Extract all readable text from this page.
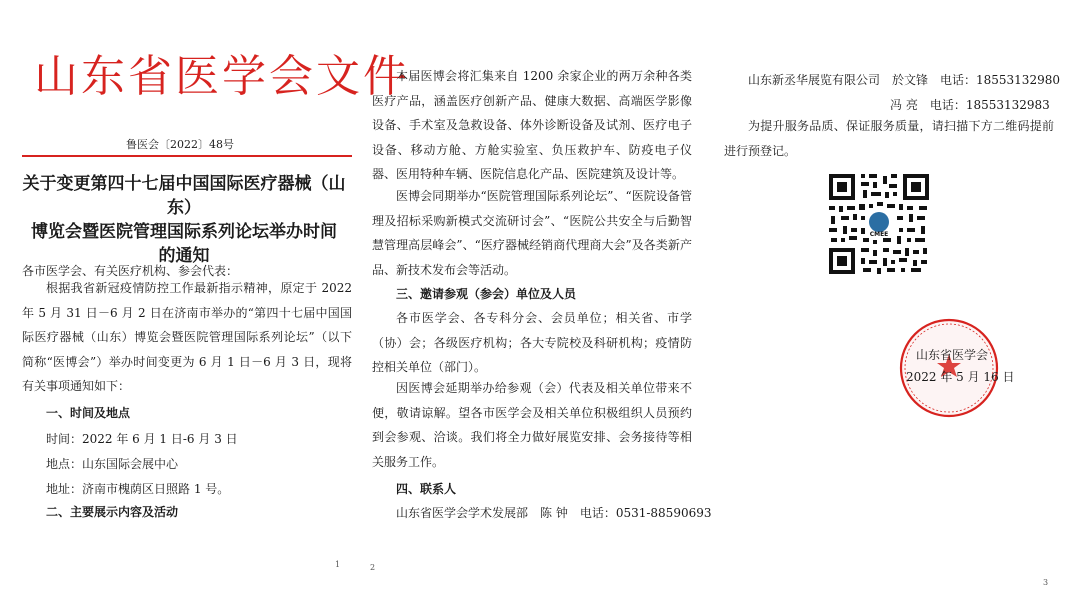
山东省医学会文件
鲁医会〔2022〕48号
关于变更第四十七届中国国际医疗器械（山东）
博览会暨医院管理国际系列论坛举办时间
的通知
各市医学会、有关医疗机构、参会代表：
根据我省新冠疫情防控工作最新指示精神，原定于 2022 年 5 月 31 日－6 月 2 日在济南市举办的“第四十七届中国国际医疗器械（山东）博览会暨医院管理国际系列论坛”（以下简称“医博会”）举办时间变更为 6 月 1 日－6 月 3 日，现将有关事项通知如下：
一、时间及地点
时间：2022 年 6 月 1 日-6 月 3 日
地点：山东国际会展中心
地址：济南市槐荫区日照路 1 号。
二、主要展示内容及活动
1
本届医博会将汇集来自 1200 余家企业的两万余种各类医疗产品，涵盖医疗创新产品、健康大数据、高端医学影像设备、手术室及急救设备、体外诊断设备及试剂、医疗电子设备、移动方舱、方舱实验室、负压救护车、防疫电子仪器、医用特种车辆、医院信息化产品、医院建筑及设计等。
医博会同期举办“医院管理国际系列论坛”、“医院设备管理及招标采购新模式交流研讨会”、“医院公共安全与后勤智慧管理高层峰会”、“医疗器械经销商代理商大会”及各类新产品、新技术发布会等活动。
三、邀请参观（参会）单位及人员
各市医学会、各专科分会、会员单位；相关省、市学（协）会；各级医疗机构；各大专院校及科研机构；疫情防控相关单位（部门）。
因医博会延期举办给参观（会）代表及相关单位带来不便，敬请谅解。望各市医学会及相关单位积极组织人员预约到会参观、洽谈。我们将全力做好展览安排、会务接待等相关服务工作。
四、联系人
山东省医学会学术发展部　陈 钟　电话：0531-88590693
2
山东新丞华展览有限公司　於文锋　电话：18553132980
冯 亮　电话：18553132983
为提升服务品质、保证服务质量，请扫描下方二维码提前进行预登记。
CMEE
山东省医学会
2022 年 5 月 16 日
3
